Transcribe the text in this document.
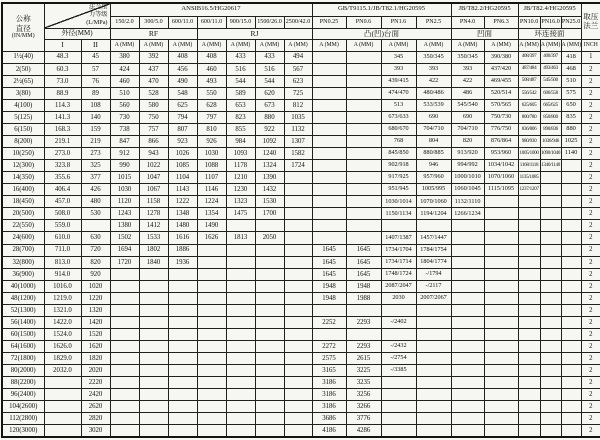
公称
直径
(IN/MM)

法兰压
力等级
(L/MPa)
	ANSIB16.5/HG20617	GB/T9115.1/JB/T82.1/HG20595	JB/T82.2/HG20595	JB/T82.4/HG20595	
取压
法兰

			150/2.0	300/5.0	600/11.0	600/11.0	900/15.0	1500/26.0	2500/42.0	PN0.25	PN0.6	PN1.6	PN2.5	PN4.0	PN6.3	PN10.0	PN16.0	PN25.0	
	外径(MM)		RF			RJ				凸(凹)台面				凹面		环连接面			
	I	II	A (MM)	A (MM)	A (MM)	A (MM)	A (MM)	A (MM)	A (MM)	A (MM)	A (MM)	A (MM)	A (MM)	A (MM)	A (MM)	A (MM)	A (MM)	A (MM)	INCH
1½(40)	48.3	45	380	392	408	408	433	433	494			345	350/345	350/345	390/380	408/397	400/397	418	1
2(50)	60.3	57	424	437	456	460	516	516	567			393	393	393	437/420	487/484	493/463	468	2
2½(65)	73.0	76	460	470	490	493	544	544	623			439/415	422	422	469/455	508/487	545/500	510	2
3(80)	88.9	89	510	528	548	550	589	620	725			474/470	480/486	486	520/514	556/542	606/558	575	2
4(100)	114.3	108	560	580	625	628	653	673	812			513	533/539	545/540	570/565	625/605	665/625	650	2
5(125)	141.3	140	730	750	794	797	823	880	1035			673/633	690	690	750/730	800/780	850/800	835	2
6(150)	168.3	159	738	757	807	810	855	922	1132			680/670	704/710	704/710	776/750	836/806	890/836	880	2
8(200)	219.1	219	847	866	923	926	984	1092	1307			768	804	820	876/864	980/930	1036/946	1025	2
10(250)	273.0	273	912	943	1026	1030	1093	1240	1582			845/850	880/885	913/920	953/960	1005/1000	1090/1040	1140	2
12(300)	323.8	325	990	1022	1085	1088	1178	1324	1724			902/918	946	994/992	1034/1042	1168/1118	1340/1140		2
14(350)	355.6	377	1015	1047	1104	1107	1210	1390				917/925	957/960	1000/1010	1070/1060	1135/1085			2
16(400)	406.4	426	1030	1067	1143	1146	1230	1432				951/945	1005/995	1060/1045	1115/1095	1237/1207			2
18(450)	457.0	480	1120	1158	1222	1224	1323	1530				1030/1014	1070/1060	1132/1110					2
20(500)	508.0	530	1243	1278	1348	1354	1475	1700				1150/1134	1194/1204	1266/1234					2
22(550)	559.0		1380	1412	1480	1490													2
24(600)	610.0	630	1502	1533	1616	1626	1813	2050				1407/1387	1457/1447						2
28(700)	711.0	720	1694	1802	1886					1645	1645	1734/1704	1784/1754						2
32(800)	813.0	820	1720	1840	1936					1645	1645	1734/1714	1804/1774						2
36(900)	914.0	920								1645	1645	1748/1724	-/1794						2
40(1000)	1016.0	1020								1948	1948	2087/2047	-/2117						2
48(1200)	1219.0	1220								1948	1988	2030	2007/2067						2
52(1300)	1321.0	1320																	2
56(1400)	1422.0	1420								2252	2293	-/2402							2
60(1500)	1524.0	1520																	2
64(1600)	1626.0	1620								2272	2293	-/2432							2
72(1800)	1829.0	1820								2575	2615	-/2754							2
80(2000)	2032.0	2020								3165	3225	-/3385							2
88(2200)		2220								3186	3235								2
96(2400)		2420								3186	3256								2
104(2600)		2620								3186	3266								2
112(2800)		2820								3686	3776								2
120(3000)		3020								4186	4286								2
